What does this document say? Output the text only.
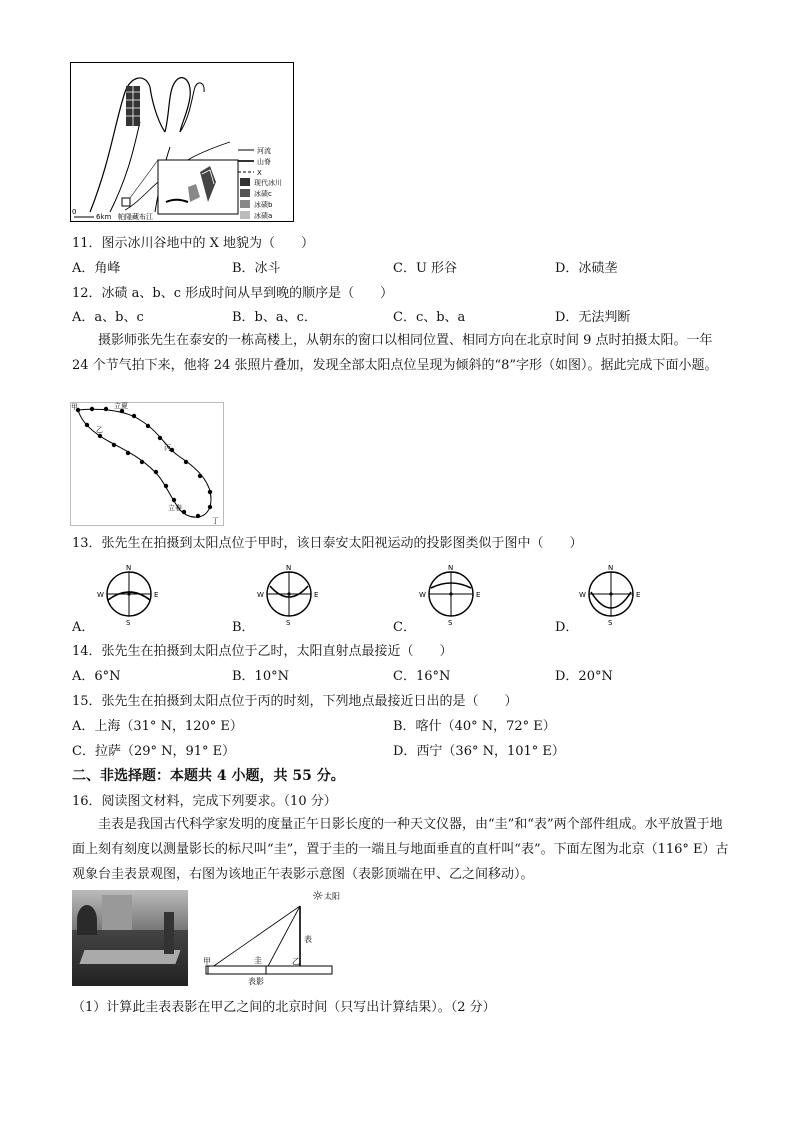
河流
山脊
X
现代冰川
冰碛c
冰碛b
冰碛a
0
6km 帕隆藏布江
11．图示冰川谷地中的 X 地貌为（　　）
A．角峰	B．冰斗	C．U 形谷	D．冰碛垄
12．冰碛 a、b、c 形成时间从早到晚的顺序是（　　）
A．a、b、c	B．b、a、c．	C．c、b、a	D．无法判断
摄影师张先生在泰安的一栋高楼上，从朝东的窗口以相同位置、相同方向在北京时间 9 点时拍摄太阳。一年 24 个节气拍下来，他将 24 张照片叠加，发现全部太阳点位呈现为倾斜的“8”字形（如图）。据此完成下面小题。
甲	立夏
乙
丙
立春
丁
13．张先生在拍摄到太阳点位于甲时，该日泰安太阳视运动的投影图类似于图中（　　）
N
S
W	E
N
S
W	E
N
S
W	E
N
S
W	E
A．	B．	C．	D．
14．张先生在拍摄到太阳点位于乙时，太阳直射点最接近（　　）
A．6°N	B．10°N	C．16°N	D．20°N
15．张先生在拍摄到太阳点位于丙的时刻，下列地点最接近日出的是（　　）
A．上海（31° N，120° E）	B．喀什（40° N，72° E）
C．拉萨（29° N，91° E）	D．西宁（36° N，101° E）
二、非选择题：本题共 4 小题，共 55 分。
16．阅读图文材料，完成下列要求。（10 分）
圭表是我国古代科学家发明的度量正午日影长度的一种天文仪器，由“圭”和“表”两个部件组成。水平放置于地面上刻有刻度以测量影长的标尺叫“圭”，置于圭的一端且与地面垂直的直杆叫“表”。下面左图为北京（116° E）古观象台圭表景观图，右图为该地正午表影示意图（表影顶端在甲、乙之间移动）。
☼ 太阳
表
圭
表影
甲	乙
（1）计算此圭表表影在甲乙之间的北京时间（只写出计算结果）。（2 分）
